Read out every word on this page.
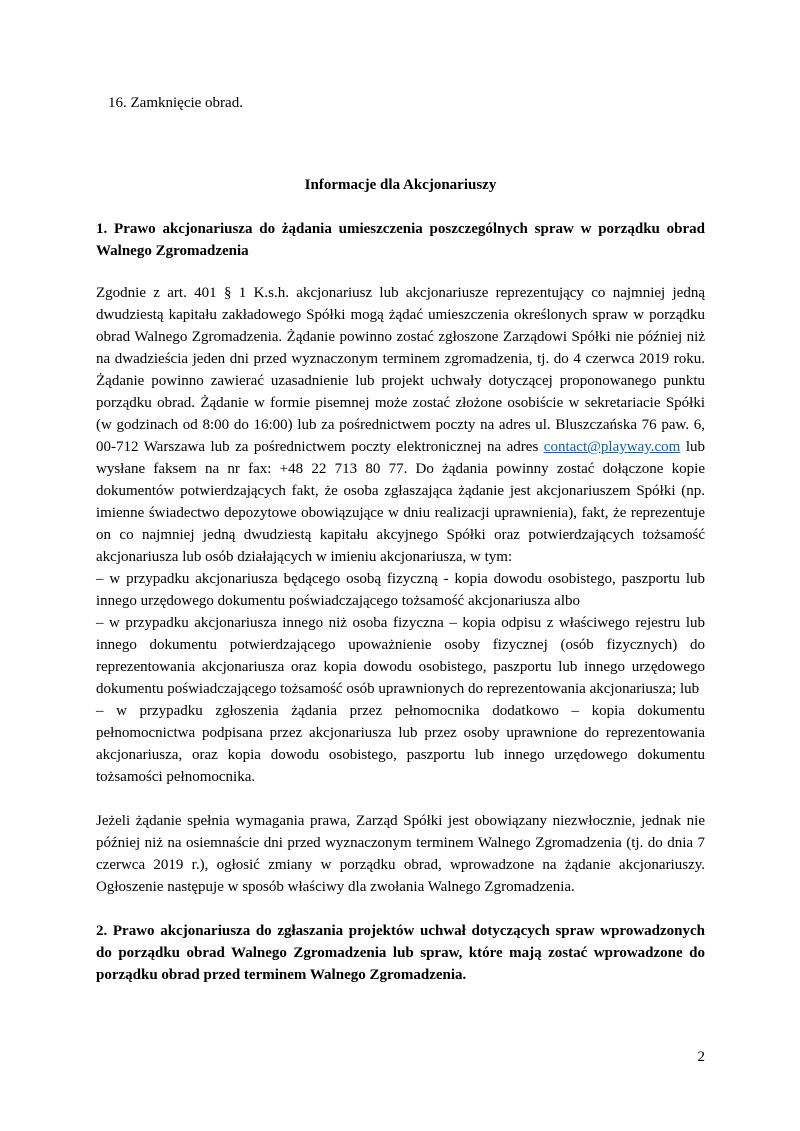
16. Zamknięcie obrad.

Informacje dla Akcjonariuszy

1. Prawo akcjonariusza do żądania umieszczenia poszczególnych spraw w porządku obrad Walnego Zgromadzenia

Zgodnie z art. 401 § 1 K.s.h. akcjonariusz lub akcjonariusze reprezentujący co najmniej jedną dwudziestą kapitału zakładowego Spółki mogą żądać umieszczenia określonych spraw w porządku obrad Walnego Zgromadzenia. Żądanie powinno zostać zgłoszone Zarządowi Spółki nie później niż na dwadzieścia jeden dni przed wyznaczonym terminem zgromadzenia, tj. do 4 czerwca 2019 roku. Żądanie powinno zawierać uzasadnienie lub projekt uchwały dotyczącej proponowanego punktu porządku obrad. Żądanie w formie pisemnej może zostać złożone osobiście w sekretariacie Spółki (w godzinach od 8:00 do 16:00) lub za pośrednictwem poczty na adres ul. Bluszczańska 76 paw. 6, 00-712 Warszawa lub za pośrednictwem poczty elektronicznej na adres contact@playway.com lub wysłane faksem na nr fax: +48 22 713 80 77. Do żądania powinny zostać dołączone kopie dokumentów potwierdzających fakt, że osoba zgłaszająca żądanie jest akcjonariuszem Spółki (np. imienne świadectwo depozytowe obowiązujące w dniu realizacji uprawnienia), fakt, że reprezentuje on co najmniej jedną dwudziestą kapitału akcyjnego Spółki oraz potwierdzających tożsamość akcjonariusza lub osób działających w imieniu akcjonariusza, w tym:

– w przypadku akcjonariusza będącego osobą fizyczną - kopia dowodu osobistego, paszportu lub innego urzędowego dokumentu poświadczającego tożsamość akcjonariusza albo

– w przypadku akcjonariusza innego niż osoba fizyczna – kopia odpisu z właściwego rejestru lub innego dokumentu potwierdzającego upoważnienie osoby fizycznej (osób fizycznych) do reprezentowania akcjonariusza oraz kopia dowodu osobistego, paszportu lub innego urzędowego dokumentu poświadczającego tożsamość osób uprawnionych do reprezentowania akcjonariusza; lub

– w przypadku zgłoszenia żądania przez pełnomocnika dodatkowo – kopia dokumentu pełnomocnictwa podpisana przez akcjonariusza lub przez osoby uprawnione do reprezentowania akcjonariusza, oraz kopia dowodu osobistego, paszportu lub innego urzędowego dokumentu tożsamości pełnomocnika.

Jeżeli żądanie spełnia wymagania prawa, Zarząd Spółki jest obowiązany niezwłocznie, jednak nie później niż na osiemnaście dni przed wyznaczonym terminem Walnego Zgromadzenia (tj. do dnia 7 czerwca 2019 r.), ogłosić zmiany w porządku obrad, wprowadzone na żądanie akcjonariuszy. Ogłoszenie następuje w sposób właściwy dla zwołania Walnego Zgromadzenia.

2. Prawo akcjonariusza do zgłaszania projektów uchwał dotyczących spraw wprowadzonych do porządku obrad Walnego Zgromadzenia lub spraw, które mają zostać wprowadzone do porządku obrad przed terminem Walnego Zgromadzenia.

2
